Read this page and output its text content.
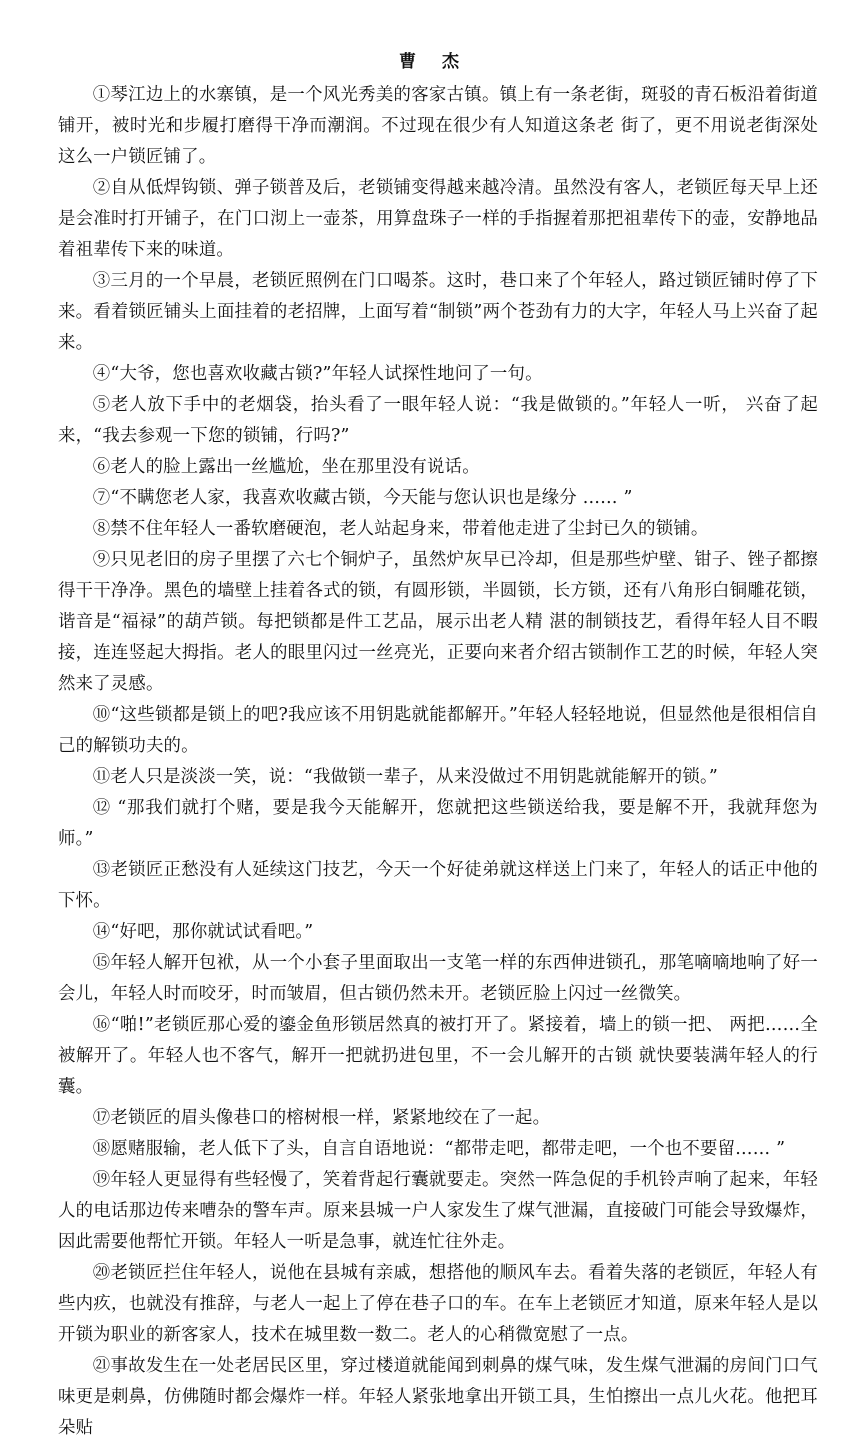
曹 杰

①琴江边上的水寨镇，是一个风光秀美的客家古镇。镇上有一条老街，斑驳的青石板沿着街道铺开，被时光和步履打磨得干净而潮润。不过现在很少有人知道这条老 街了，更不用说老街深处这么一户锁匠铺了。

②自从低焊钩锁、弹子锁普及后，老锁铺变得越来越冷清。虽然没有客人，老锁匠每天早上还是会准时打开铺子，在门口沏上一壶茶，用算盘珠子一样的手指握着那把祖辈传下的壶，安静地品着祖辈传下来的味道。

③三月的一个早晨，老锁匠照例在门口喝茶。这时，巷口来了个年轻人，路过锁匠铺时停了下来。看着锁匠铺头上面挂着的老招牌，上面写着“制锁”两个苍劲有力的大字，年轻人马上兴奋了起来。

④“大爷，您也喜欢收藏古锁?”年轻人试探性地问了一句。

⑤老人放下手中的老烟袋，抬头看了一眼年轻人说：“我是做锁的。”年轻人一听， 兴奋了起来，“我去参观一下您的锁铺，行吗?”

⑥老人的脸上露出一丝尴尬，坐在那里没有说话。

⑦“不瞒您老人家，我喜欢收藏古锁，今天能与您认识也是缘分 …… ”

⑧禁不住年轻人一番软磨硬泡，老人站起身来，带着他走进了尘封已久的锁铺。

⑨只见老旧的房子里摆了六七个铜炉子，虽然炉灰早已冷却，但是那些炉壁、钳子、锉子都擦得干干净净。黑色的墙壁上挂着各式的锁，有圆形锁，半圆锁，长方锁，还有八角形白铜雕花锁，谐音是“福禄”的葫芦锁。每把锁都是件工艺品，展示出老人精 湛的制锁技艺，看得年轻人目不暇接，连连竖起大拇指。老人的眼里闪过一丝亮光，正要向来者介绍古锁制作工艺的时候，年轻人突然来了灵感。

⑩“这些锁都是锁上的吧?我应该不用钥匙就能都解开。”年轻人轻轻地说，但显然他是很相信自己的解锁功夫的。

⑪老人只是淡淡一笑，说：“我做锁一辈子，从来没做过不用钥匙就能解开的锁。”

⑫ “那我们就打个赌，要是我今天能解开，您就把这些锁送给我，要是解不开，我就拜您为师。”

⑬老锁匠正愁没有人延续这门技艺，今天一个好徒弟就这样送上门来了，年轻人的话正中他的下怀。

⑭“好吧，那你就试试看吧。”

⑮年轻人解开包袱，从一个小套子里面取出一支笔一样的东西伸进锁孔，那笔嘀嘀地响了好一会儿，年轻人时而咬牙，时而皱眉，但古锁仍然未开。老锁匠脸上闪过一丝微笑。

⑯“啪!”老锁匠那心爱的鎏金鱼形锁居然真的被打开了。紧接着，墙上的锁一把、 两把……全被解开了。年轻人也不客气，解开一把就扔进包里，不一会儿解开的古锁 就快要装满年轻人的行囊。

⑰老锁匠的眉头像巷口的榕树根一样，紧紧地绞在了一起。

⑱愿赌服输，老人低下了头，自言自语地说：“都带走吧，都带走吧，一个也不要留…… ”

⑲年轻人更显得有些轻慢了，笑着背起行囊就要走。突然一阵急促的手机铃声响了起来，年轻人的电话那边传来嘈杂的警车声。原来县城一户人家发生了煤气泄漏，直接破门可能会导致爆炸，因此需要他帮忙开锁。年轻人一听是急事，就连忙往外走。

⑳老锁匠拦住年轻人，说他在县城有亲戚，想搭他的顺风车去。看着失落的老锁匠，年轻人有些内疚，也就没有推辞，与老人一起上了停在巷子口的车。在车上老锁匠才知道，原来年轻人是以开锁为职业的新客家人，技术在城里数一数二。老人的心稍微宽慰了一点。

㉑事故发生在一处老居民区里，穿过楼道就能闻到刺鼻的煤气味，发生煤气泄漏的房间门口气味更是刺鼻，仿佛随时都会爆炸一样。年轻人紧张地拿出开锁工具，生怕擦出一点儿火花。他把耳朵贴
